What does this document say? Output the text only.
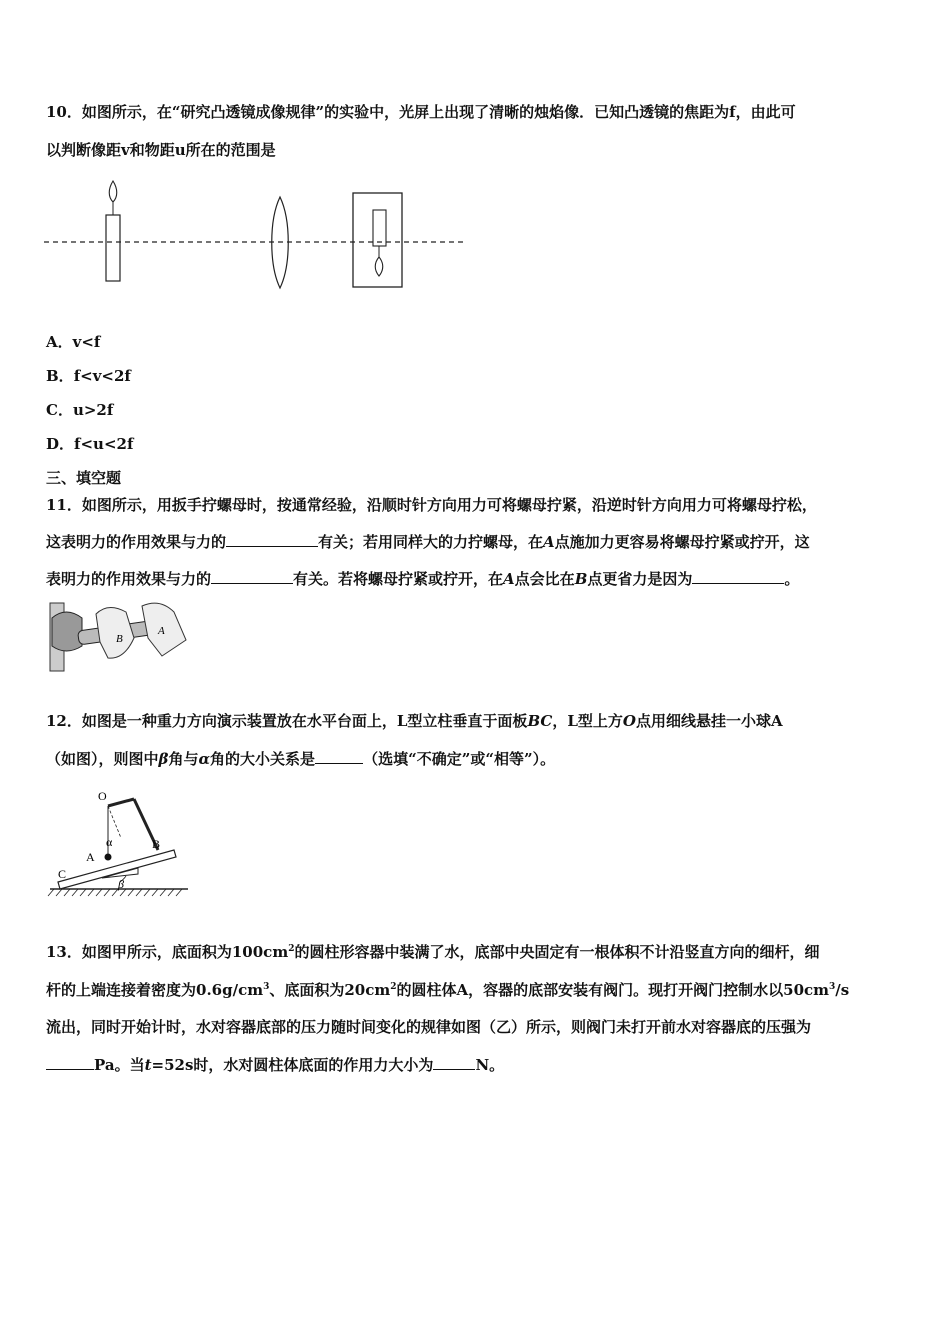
10．如图所示，在“研究凸透镜成像规律”的实验中，光屏上出现了清晰的烛焰像．已知凸透镜的焦距为f，由此可
以判断像距v和物距u所在的范围是
A．v<f
B．f<v<2f
C．u>2f
D．f<u<2f
三、填空题
11．如图所示，用扳手拧螺母时，按通常经验，沿顺时针方向用力可将螺母拧紧，沿逆时针方向用力可将螺母拧松，
这表明力的作用效果与力的	有关；若用同样大的力拧螺母，在A点施加力更容易将螺母拧紧或拧开，这
表明力的作用效果与力的	有关。若将螺母拧紧或拧开，在A点会比在B点更省力是因为	。
B
A
12．如图是一种重力方向演示装置放在水平台面上，L型立柱垂直于面板BC，L型上方O点用细线悬挂一小球A
（如图），则图中β角与α角的大小关系是	（选填“不确定”或“相等”）。
O
α
A
B
C
β
13．如图甲所示，底面积为$100cm^2$的圆柱形容器中装满了水，底部中央固定有一根体积不计沿竖直方向的细杆，细
杆的上端连接着密度为$0.6g/cm^3$、底面积为$20cm^2$的圆柱体A，容器的底部安装有阀门。现打开阀门控制水以$50cm^3/s$
流出，同时开始计时，水对容器底部的压力随时间变化的规律如图（乙）所示，则阀门未打开前水对容器底的压强为
Pa。当t=52s时，水对圆柱体底面的作用力大小为	N。
